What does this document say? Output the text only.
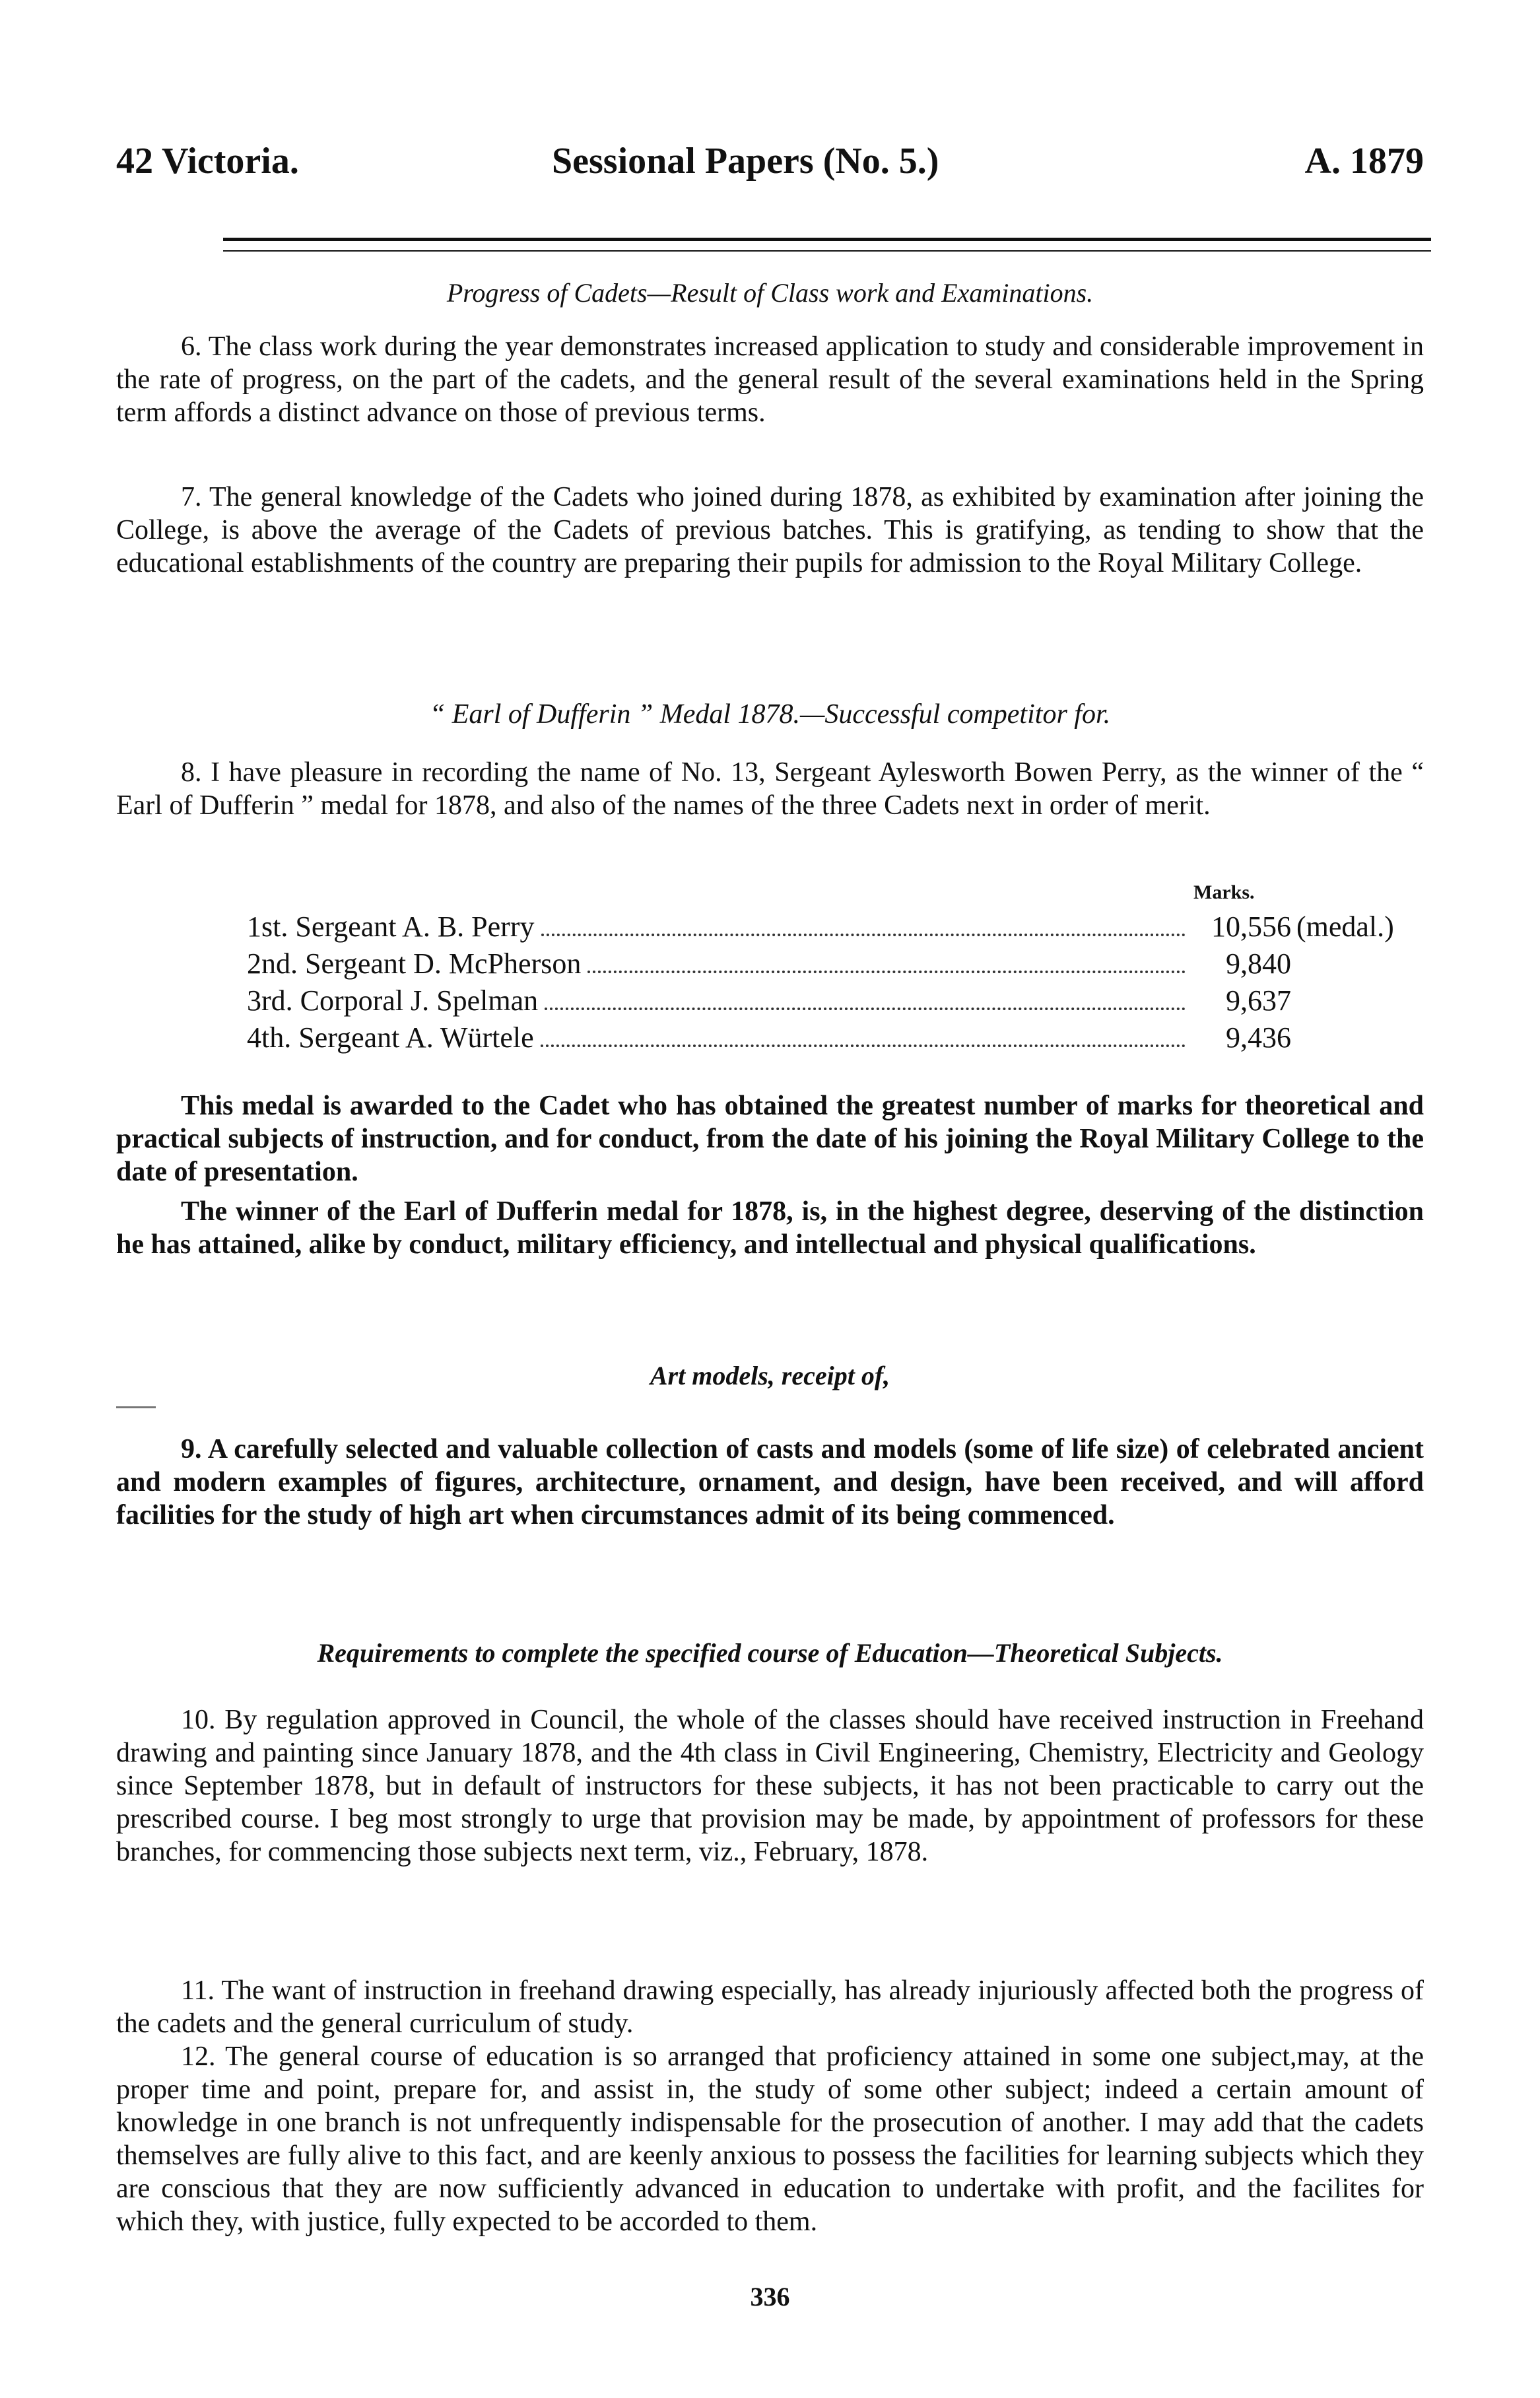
42 Victoria.	Sessional Papers (No. 5.)	A. 1879
Progress of Cadets—Result of Class work and Examinations.
6. The class work during the year demonstrates increased application to study and considerable improvement in the rate of progress, on the part of the cadets, and the general result of the several examinations held in the Spring term affords a distinct advance on those of previous terms.
7. The general knowledge of the Cadets who joined during 1878, as exhibited by examination after joining the College, is above the average of the Cadets of previous batches. This is gratifying, as tending to show that the educational establishments of the country are preparing their pupils for admission to the Royal Military College.
“ Earl of Dufferin ” Medal 1878.—Successful competitor for.
8. I have pleasure in recording the name of No. 13, Sergeant Aylesworth Bowen Perry, as the winner of the “ Earl of Dufferin ” medal for 1878, and also of the names of the three Cadets next in order of merit.
Marks.
1st. Sergeant A. B. Perry	10,556 (medal.)
2nd. Sergeant D. McPherson	9,840
3rd. Corporal J. Spelman	9,637
4th. Sergeant A. Würtele	9,436
This medal is awarded to the Cadet who has obtained the greatest number of marks for theoretical and practical subjects of instruction, and for conduct, from the date of his joining the Royal Military College to the date of presentation.
The winner of the Earl of Dufferin medal for 1878, is, in the highest degree, deserving of the distinction he has attained, alike by conduct, military efficiency, and intellectual and physical qualifications.
Art models, receipt of,
9. A carefully selected and valuable collection of casts and models (some of life size) of celebrated ancient and modern examples of figures, architecture, ornament, and design, have been received, and will afford facilities for the study of high art when circumstances admit of its being commenced.
Requirements to complete the specified course of Education—Theoretical Subjects.
10. By regulation approved in Council, the whole of the classes should have received instruction in Freehand drawing and painting since January 1878, and the 4th class in Civil Engineering, Chemistry, Electricity and Geology since September 1878, but in default of instructors for these subjects, it has not been practicable to carry out the prescribed course. I beg most strongly to urge that provision may be made, by appointment of professors for these branches, for commencing those subjects next term, viz., February, 1878.
11. The want of instruction in freehand drawing especially, has already injuriously affected both the progress of the cadets and the general curriculum of study.
12. The general course of education is so arranged that proficiency attained in some one subject,may, at the proper time and point, prepare for, and assist in, the study of some other subject; indeed a certain amount of knowledge in one branch is not unfrequently indispensable for the prosecution of another. I may add that the cadets themselves are fully alive to this fact, and are keenly anxious to possess the facilities for learning subjects which they are conscious that they are now sufficiently advanced in education to undertake with profit, and the facilites for which they, with justice, fully expected to be accorded to them.
336
